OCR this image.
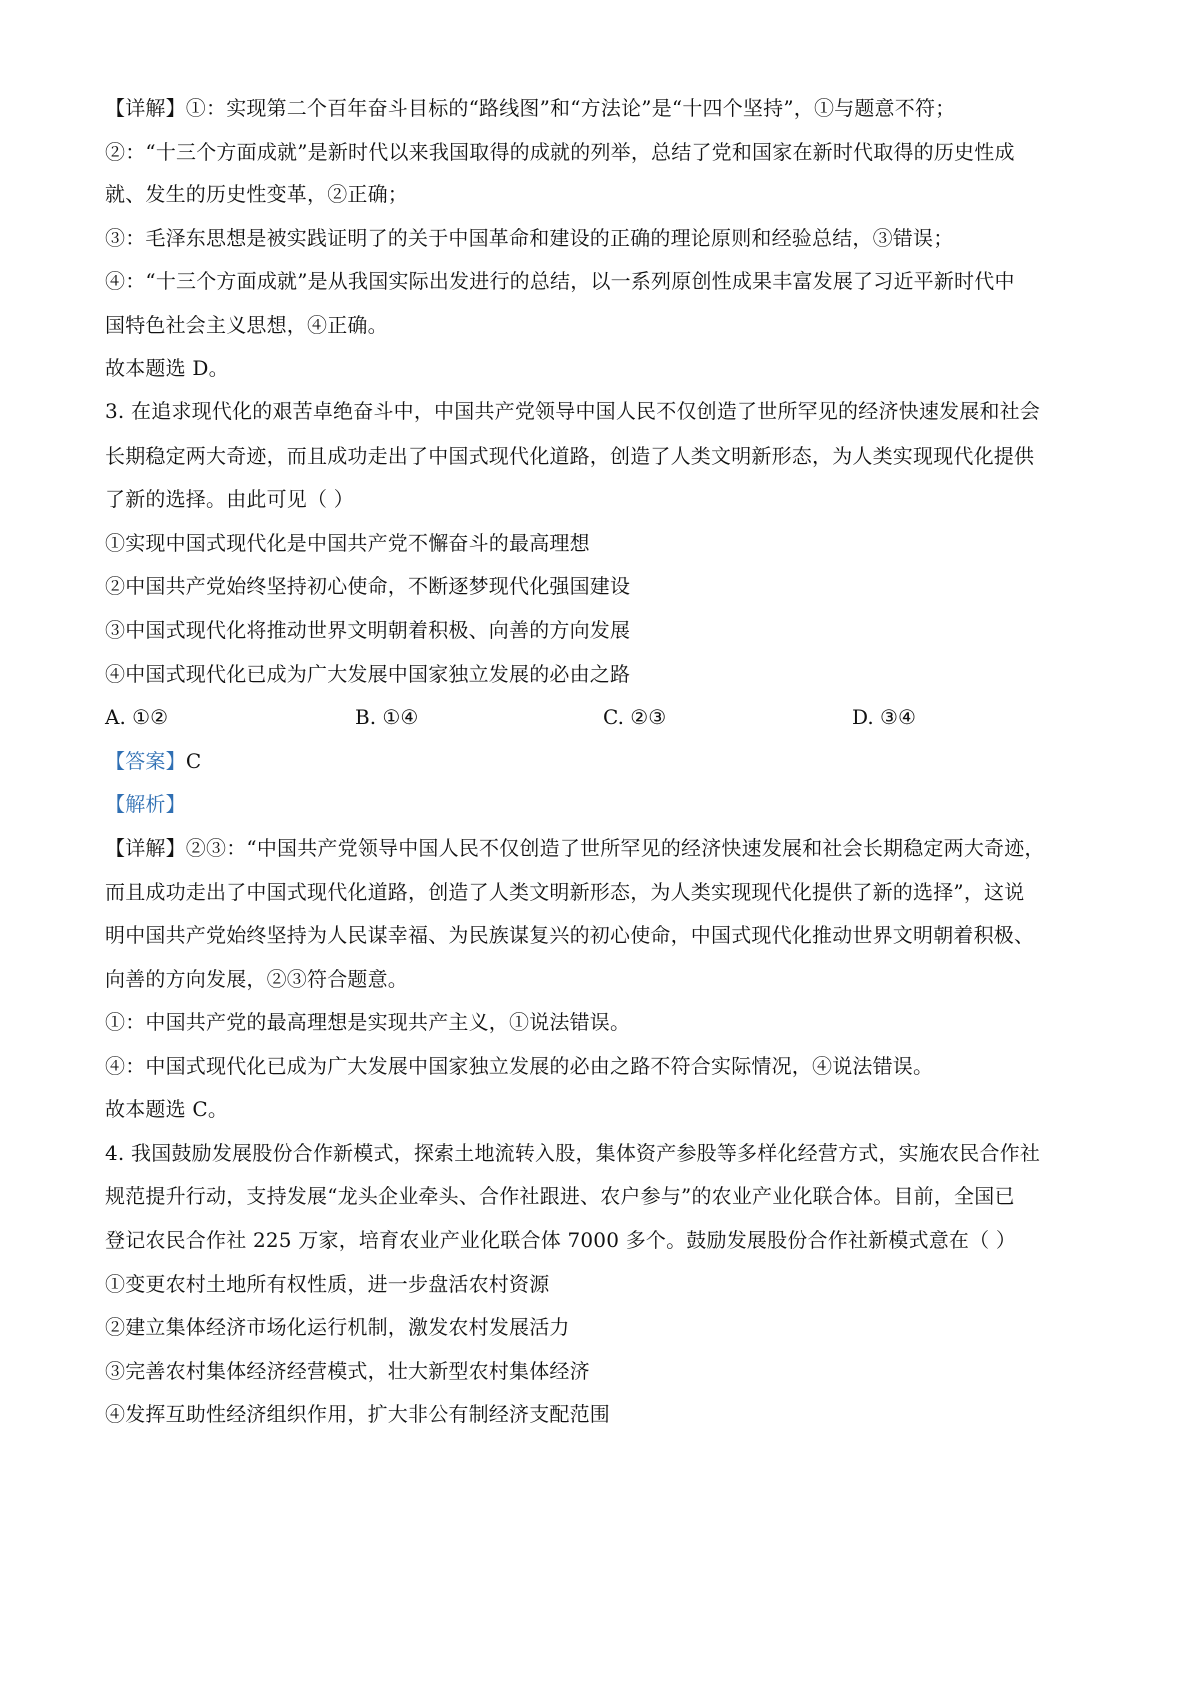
【详解】①：实现第二个百年奋斗目标的“路线图”和“方法论”是“十四个坚持”，①与题意不符；
②：“十三个方面成就”是新时代以来我国取得的成就的列举，总结了党和国家在新时代取得的历史性成
就、发生的历史性变革，②正确；
③：毛泽东思想是被实践证明了的关于中国革命和建设的正确的理论原则和经验总结，③错误；
④：“十三个方面成就”是从我国实际出发进行的总结，以一系列原创性成果丰富发展了习近平新时代中
国特色社会主义思想，④正确。
故本题选 D。
3. 在追求现代化的艰苦卓绝奋斗中，中国共产党领导中国人民不仅创造了世所罕见的经济快速发展和社会
长期稳定两大奇迹，而且成功走出了中国式现代化道路，创造了人类文明新形态，为人类实现现代化提供
了新的选择。由此可见（ ）
①实现中国式现代化是中国共产党不懈奋斗的最高理想
②中国共产党始终坚持初心使命，不断逐梦现代化强国建设
③中国式现代化将推动世界文明朝着积极、向善的方向发展
④中国式现代化已成为广大发展中国家独立发展的必由之路
A. ①②	B. ①④	C. ②③	D. ③④
【答案】C
【解析】
【详解】②③：“中国共产党领导中国人民不仅创造了世所罕见的经济快速发展和社会长期稳定两大奇迹，
而且成功走出了中国式现代化道路，创造了人类文明新形态，为人类实现现代化提供了新的选择”，这说
明中国共产党始终坚持为人民谋幸福、为民族谋复兴的初心使命，中国式现代化推动世界文明朝着积极、
向善的方向发展，②③符合题意。
①：中国共产党的最高理想是实现共产主义，①说法错误。
④：中国式现代化已成为广大发展中国家独立发展的必由之路不符合实际情况，④说法错误。
故本题选 C。
4. 我国鼓励发展股份合作新模式，探索土地流转入股，集体资产参股等多样化经营方式，实施农民合作社
规范提升行动，支持发展“龙头企业牵头、合作社跟进、农户参与”的农业产业化联合体。目前，全国已
登记农民合作社 225 万家，培育农业产业化联合体 7000 多个。鼓励发展股份合作社新模式意在（ ）
①变更农村土地所有权性质，进一步盘活农村资源
②建立集体经济市场化运行机制，激发农村发展活力
③完善农村集体经济经营模式，壮大新型农村集体经济
④发挥互助性经济组织作用，扩大非公有制经济支配范围
